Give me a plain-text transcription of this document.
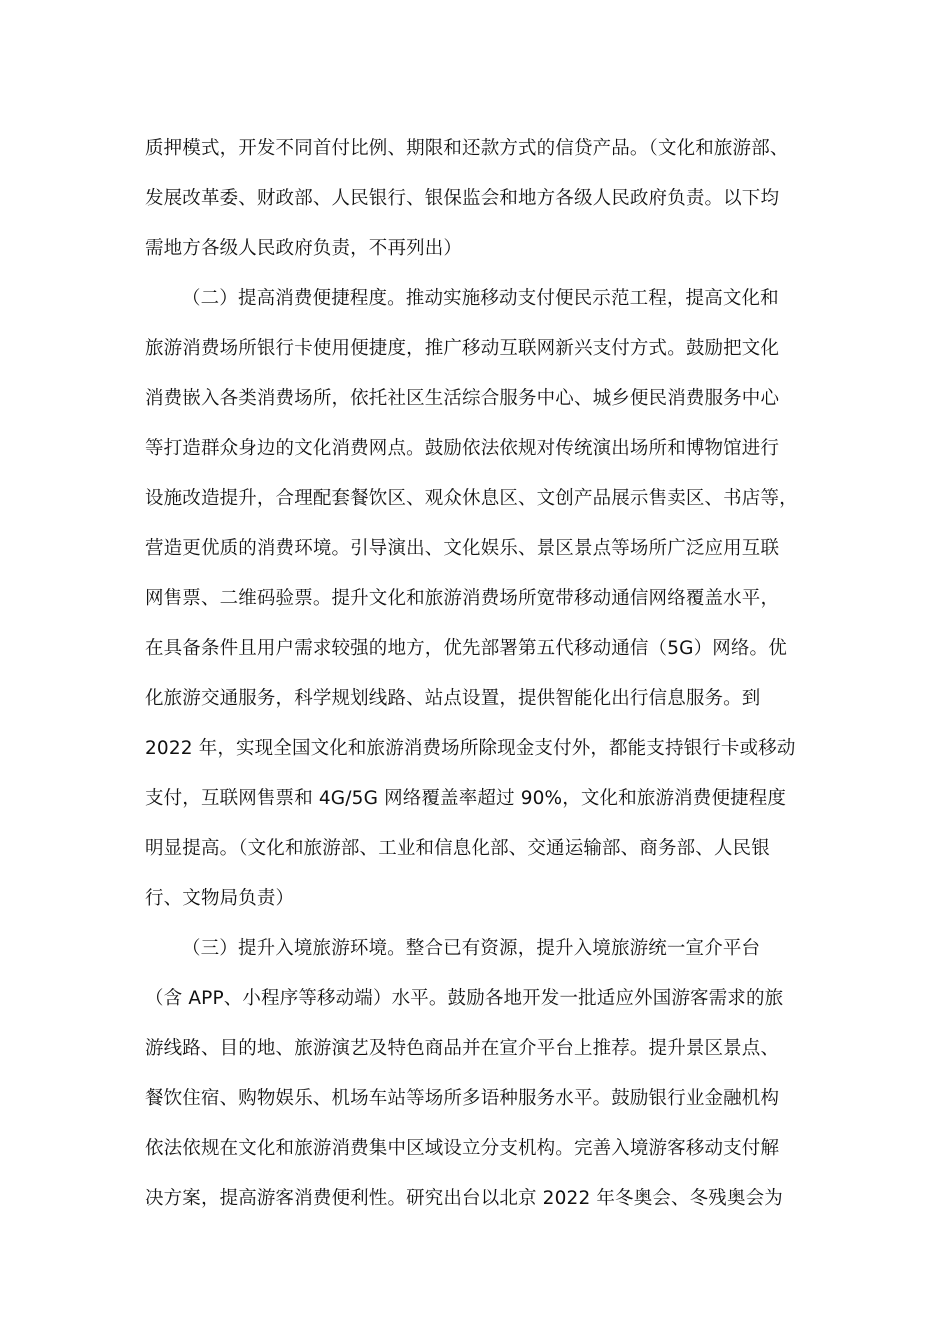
质押模式，开发不同首付比例、期限和还款方式的信贷产品。（文化和旅游部、
发展改革委、财政部、人民银行、银保监会和地方各级人民政府负责。以下均
需地方各级人民政府负责，不再列出）
（二）提高消费便捷程度。推动实施移动支付便民示范工程，提高文化和
旅游消费场所银行卡使用便捷度，推广移动互联网新兴支付方式。鼓励把文化
消费嵌入各类消费场所，依托社区生活综合服务中心、城乡便民消费服务中心
等打造群众身边的文化消费网点。鼓励依法依规对传统演出场所和博物馆进行
设施改造提升，合理配套餐饮区、观众休息区、文创产品展示售卖区、书店等，
营造更优质的消费环境。引导演出、文化娱乐、景区景点等场所广泛应用互联
网售票、二维码验票。提升文化和旅游消费场所宽带移动通信网络覆盖水平，
在具备条件且用户需求较强的地方，优先部署第五代移动通信（5G）网络。优
化旅游交通服务，科学规划线路、站点设置，提供智能化出行信息服务。到
2022 年，实现全国文化和旅游消费场所除现金支付外，都能支持银行卡或移动
支付，互联网售票和 4G/5G 网络覆盖率超过 90%，文化和旅游消费便捷程度
明显提高。（文化和旅游部、工业和信息化部、交通运输部、商务部、人民银
行、文物局负责）
（三）提升入境旅游环境。整合已有资源，提升入境旅游统一宣介平台
（含 APP、小程序等移动端）水平。鼓励各地开发一批适应外国游客需求的旅
游线路、目的地、旅游演艺及特色商品并在宣介平台上推荐。提升景区景点、
餐饮住宿、购物娱乐、机场车站等场所多语种服务水平。鼓励银行业金融机构
依法依规在文化和旅游消费集中区域设立分支机构。完善入境游客移动支付解
决方案，提高游客消费便利性。研究出台以北京 2022 年冬奥会、冬残奥会为
